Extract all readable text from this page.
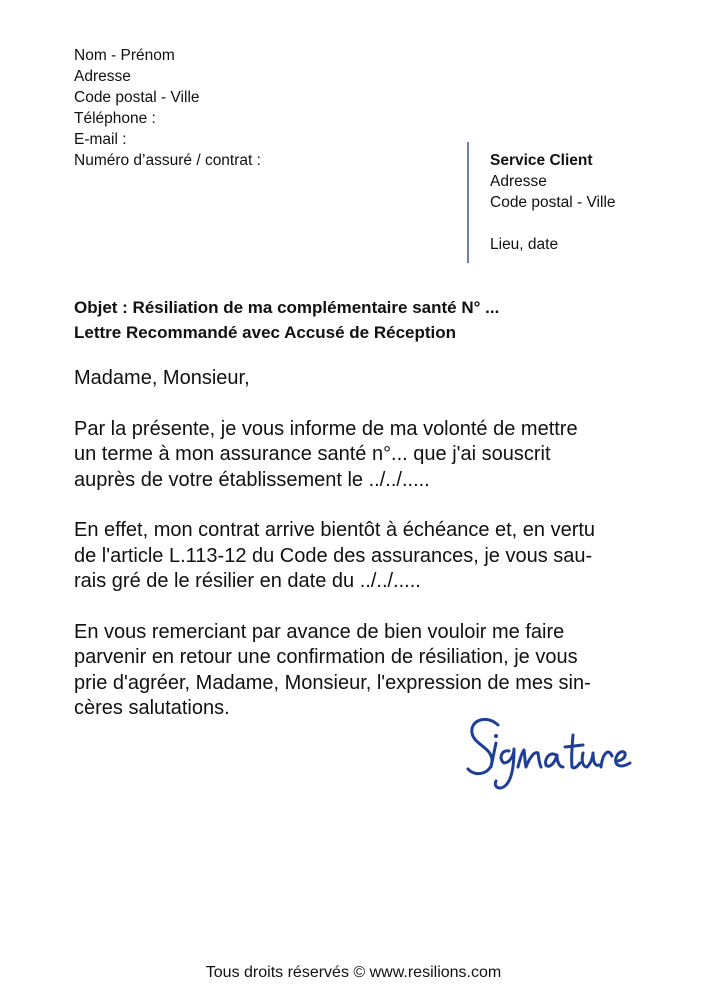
Nom - Prénom
Adresse
Code postal - Ville
Téléphone :
E-mail :
Numéro d’assuré / contrat :	Service Client
Adresse
Code postal - Ville
Lieu, date
Objet : Résiliation de ma complémentaire santé N° ...
Lettre Recommandé avec Accusé de Réception

Madame, Monsieur,

Par la présente, je vous informe de ma volonté de mettre
un terme à mon assurance santé n°... que j'ai souscrit
auprès de votre établissement le ../../.....

En effet, mon contrat arrive bientôt à échéance et, en vertu
de l'article L.113-12 du Code des assurances, je vous sau-
rais gré de le résilier en date du ../../.....

En vous remerciant par avance de bien vouloir me faire
parvenir en retour une confirmation de résiliation, je vous
prie d'agréer, Madame, Monsieur, l'expression de mes sin-
cères salutations.

Tous droits réservés © www.resilions.com
